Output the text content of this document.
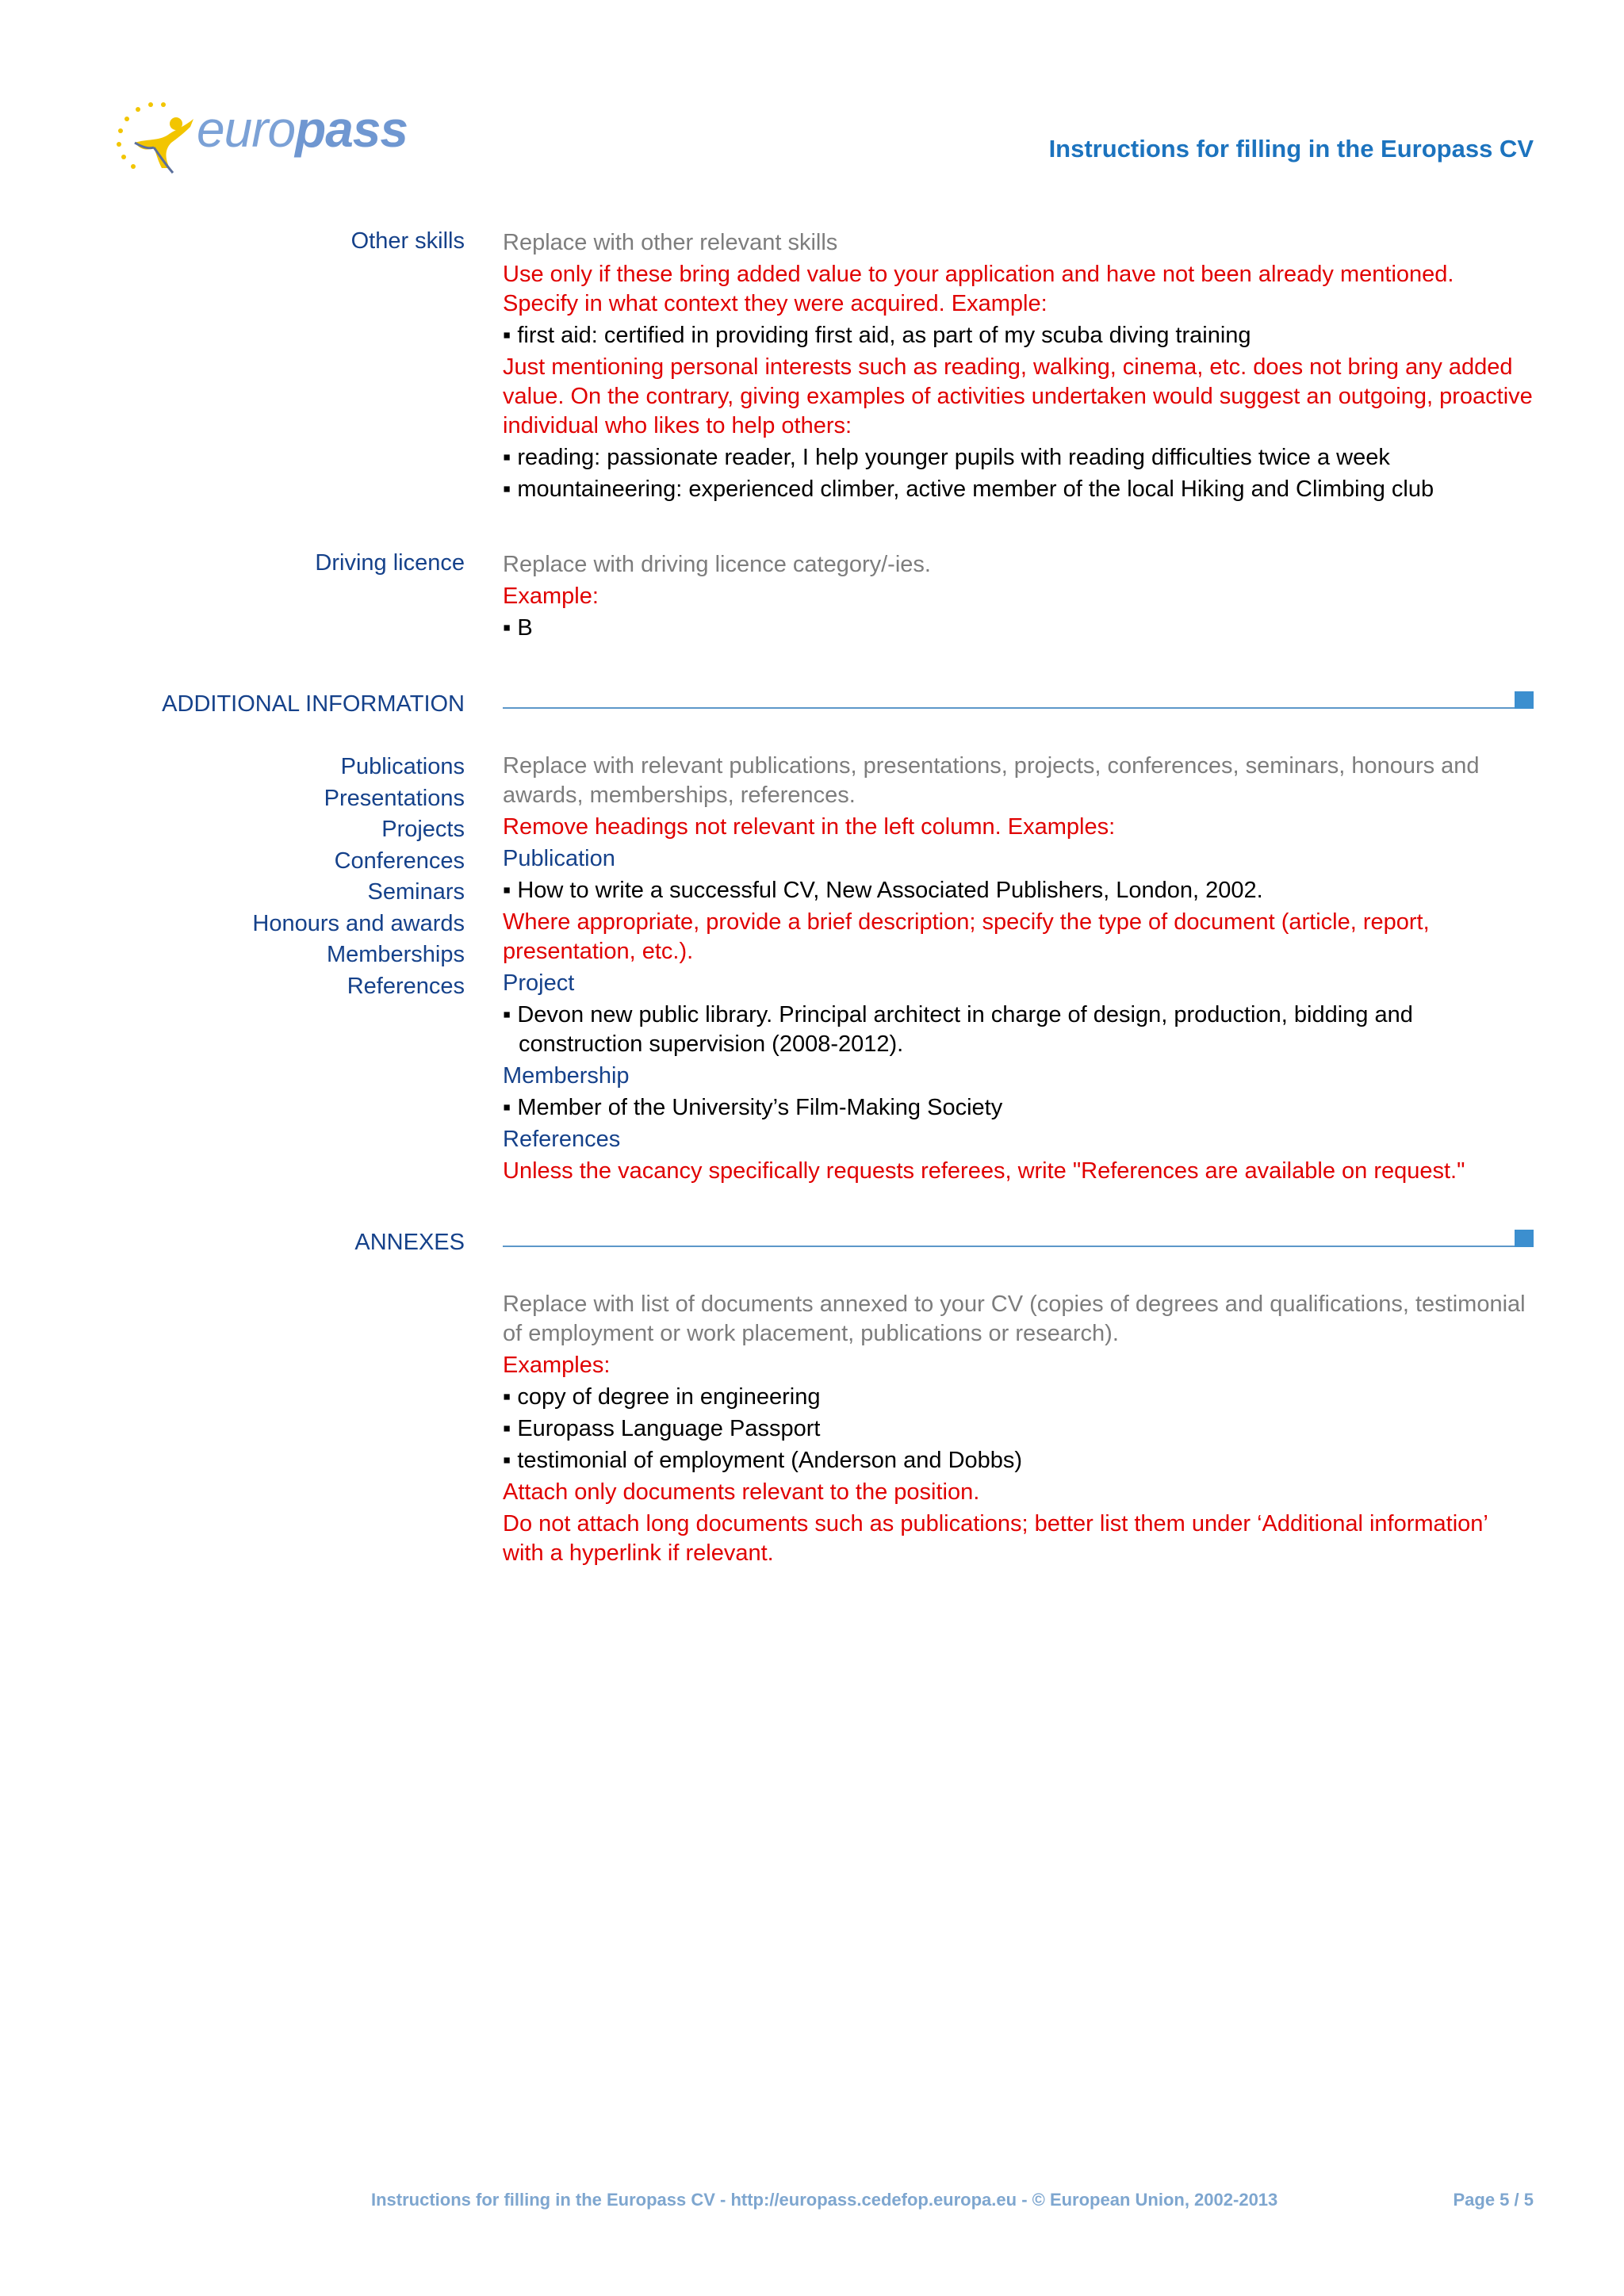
europass	Instructions for filling in the Europass CV
Other skills Replace with other relevant skills

Use only if these bring added value to your application and have not been already mentioned. Specify in what context they were acquired. Example:

▪ first aid: certified in providing first aid, as part of my scuba diving training

Just mentioning personal interests such as reading, walking, cinema, etc. does not bring any added value. On the contrary, giving examples of activities undertaken would suggest an outgoing, proactive individual who likes to help others:

▪ reading: passionate reader, I help younger pupils with reading difficulties twice a week

▪ mountaineering: experienced climber, active member of the local Hiking and Climbing club

Driving licence Replace with driving licence category/-ies.

Example:

▪ B

ADDITIONAL INFORMATION
Publications
Presentations
Projects
Conferences
Seminars
Honours and awards
Memberships
References

Replace with relevant publications, presentations, projects, conferences, seminars, honours and awards, memberships, references.

Remove headings not relevant in the left column. Examples:

Publication

▪ How to write a successful CV, New Associated Publishers, London, 2002.

Where appropriate, provide a brief description; specify the type of document (article, report, presentation, etc.).

Project

▪ Devon new public library. Principal architect in charge of design, production, bidding and construction supervision (2008-2012).

Membership

▪ Member of the University’s Film-Making Society

References

Unless the vacancy specifically requests referees, write "References are available on request."

ANNEXES

Replace with list of documents annexed to your CV (copies of degrees and qualifications, testimonial of employment or work placement, publications or research).

Examples:

▪ copy of degree in engineering

▪ Europass Language Passport

▪ testimonial of employment (Anderson and Dobbs)

Attach only documents relevant to the position.

Do not attach long documents such as publications; better list them under ‘Additional information’ with a hyperlink if relevant.

Instructions for filling in the Europass CV - http://europass.cedefop.europa.eu - © European Union, 2002-2013	Page 5 / 5
